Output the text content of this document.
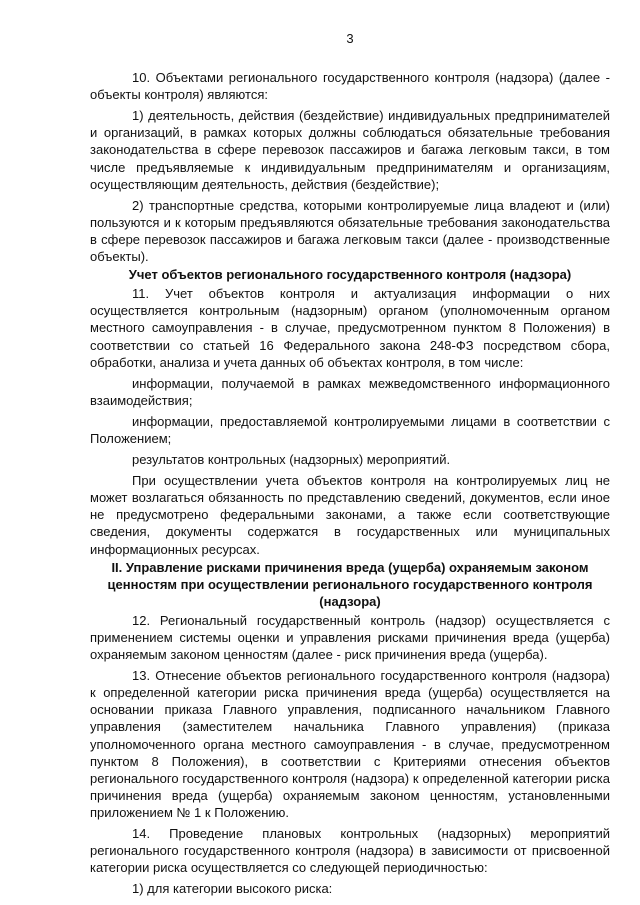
3

10. Объектами регионального государственного контроля (надзора) (далее - объекты контроля) являются:

1) деятельность, действия (бездействие) индивидуальных предпринимателей и организаций, в рамках которых должны соблюдаться обязательные требования законодательства в сфере перевозок пассажиров и багажа легковым такси, в том числе предъявляемые к индивидуальным предпринимателям и организациям, осуществляющим деятельность, действия (бездействие);

2) транспортные средства, которыми контролируемые лица владеют и (или) пользуются и к которым предъявляются обязательные требования законодательства в сфере перевозок пассажиров и багажа легковым такси (далее - производственные объекты).

Учет объектов регионального государственного контроля (надзора)

11. Учет объектов контроля и актуализация информации о них осуществляется контрольным (надзорным) органом (уполномоченным органом местного самоуправления - в случае, предусмотренном пунктом 8 Положения) в соответствии со статьей 16 Федерального закона 248-ФЗ посредством сбора, обработки, анализа и учета данных об объектах контроля, в том числе:

информации, получаемой в рамках межведомственного информационного взаимодействия;

информации, предоставляемой контролируемыми лицами в соответствии с Положением;

результатов контрольных (надзорных) мероприятий.

При осуществлении учета объектов контроля на контролируемых лиц не может возлагаться обязанность по представлению сведений, документов, если иное не предусмотрено федеральными законами, а также если соответствующие сведения, документы содержатся в государственных или муниципальных информационных ресурсах.

II. Управление рисками причинения вреда (ущерба) охраняемым законом ценностям при осуществлении регионального государственного контроля (надзора)

12. Региональный государственный контроль (надзор) осуществляется с применением системы оценки и управления рисками причинения вреда (ущерба) охраняемым законом ценностям (далее - риск причинения вреда (ущерба).

13. Отнесение объектов регионального государственного контроля (надзора) к определенной категории риска причинения вреда (ущерба) осуществляется на основании приказа Главного управления, подписанного начальником Главного управления (заместителем начальника Главного управления) (приказа уполномоченного органа местного самоуправления - в случае, предусмотренном пунктом 8 Положения), в соответствии с Критериями отнесения объектов регионального государственного контроля (надзора) к определенной категории риска причинения вреда (ущерба) охраняемым законом ценностям, установленными приложением № 1 к Положению.

14. Проведение плановых контрольных (надзорных) мероприятий регионального государственного контроля (надзора) в зависимости от присвоенной категории риска осуществляется со следующей периодичностью:

1) для категории высокого риска:
